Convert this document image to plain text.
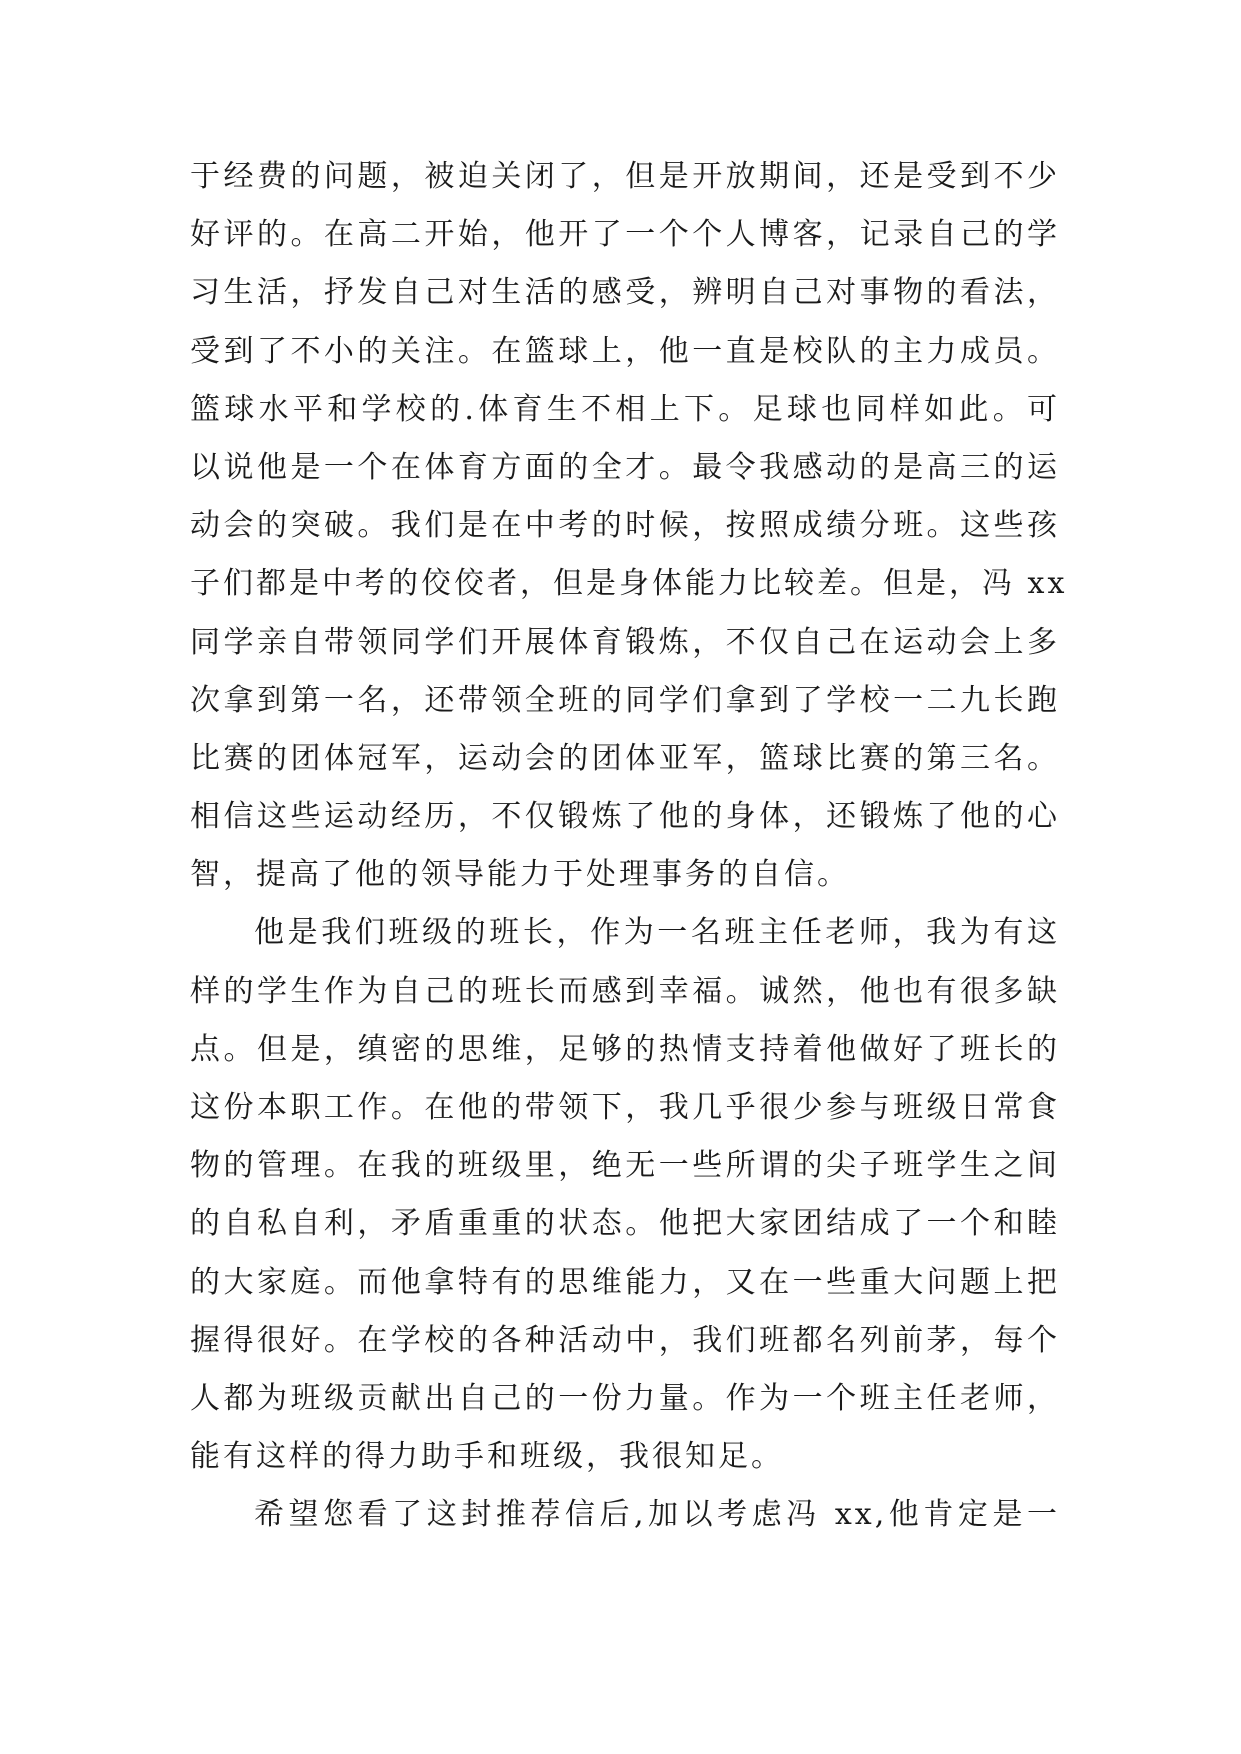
于经费的问题，被迫关闭了，但是开放期间，还是受到不少
好评的。在高二开始，他开了一个个人博客，记录自己的学
习生活，抒发自己对生活的感受，辨明自己对事物的看法，
受到了不小的关注。在篮球上，他一直是校队的主力成员。
篮球水平和学校的.体育生不相上下。足球也同样如此。可
以说他是一个在体育方面的全才。最令我感动的是高三的运
动会的突破。我们是在中考的时候，按照成绩分班。这些孩
子们都是中考的佼佼者，但是身体能力比较差。但是，冯 xx
同学亲自带领同学们开展体育锻炼，不仅自己在运动会上多
次拿到第一名，还带领全班的同学们拿到了学校一二九长跑
比赛的团体冠军，运动会的团体亚军，篮球比赛的第三名。
相信这些运动经历，不仅锻炼了他的身体，还锻炼了他的心
智，提高了他的领导能力于处理事务的自信。
他是我们班级的班长，作为一名班主任老师，我为有这
样的学生作为自己的班长而感到幸福。诚然，他也有很多缺
点。但是，缜密的思维，足够的热情支持着他做好了班长的
这份本职工作。在他的带领下，我几乎很少参与班级日常食
物的管理。在我的班级里，绝无一些所谓的尖子班学生之间
的自私自利，矛盾重重的状态。他把大家团结成了一个和睦
的大家庭。而他拿特有的思维能力，又在一些重大问题上把
握得很好。在学校的各种活动中，我们班都名列前茅，每个
人都为班级贡献出自己的一份力量。作为一个班主任老师，
能有这样的得力助手和班级，我很知足。
希望您看了这封推荐信后,加以考虑冯 xx,他肯定是一
